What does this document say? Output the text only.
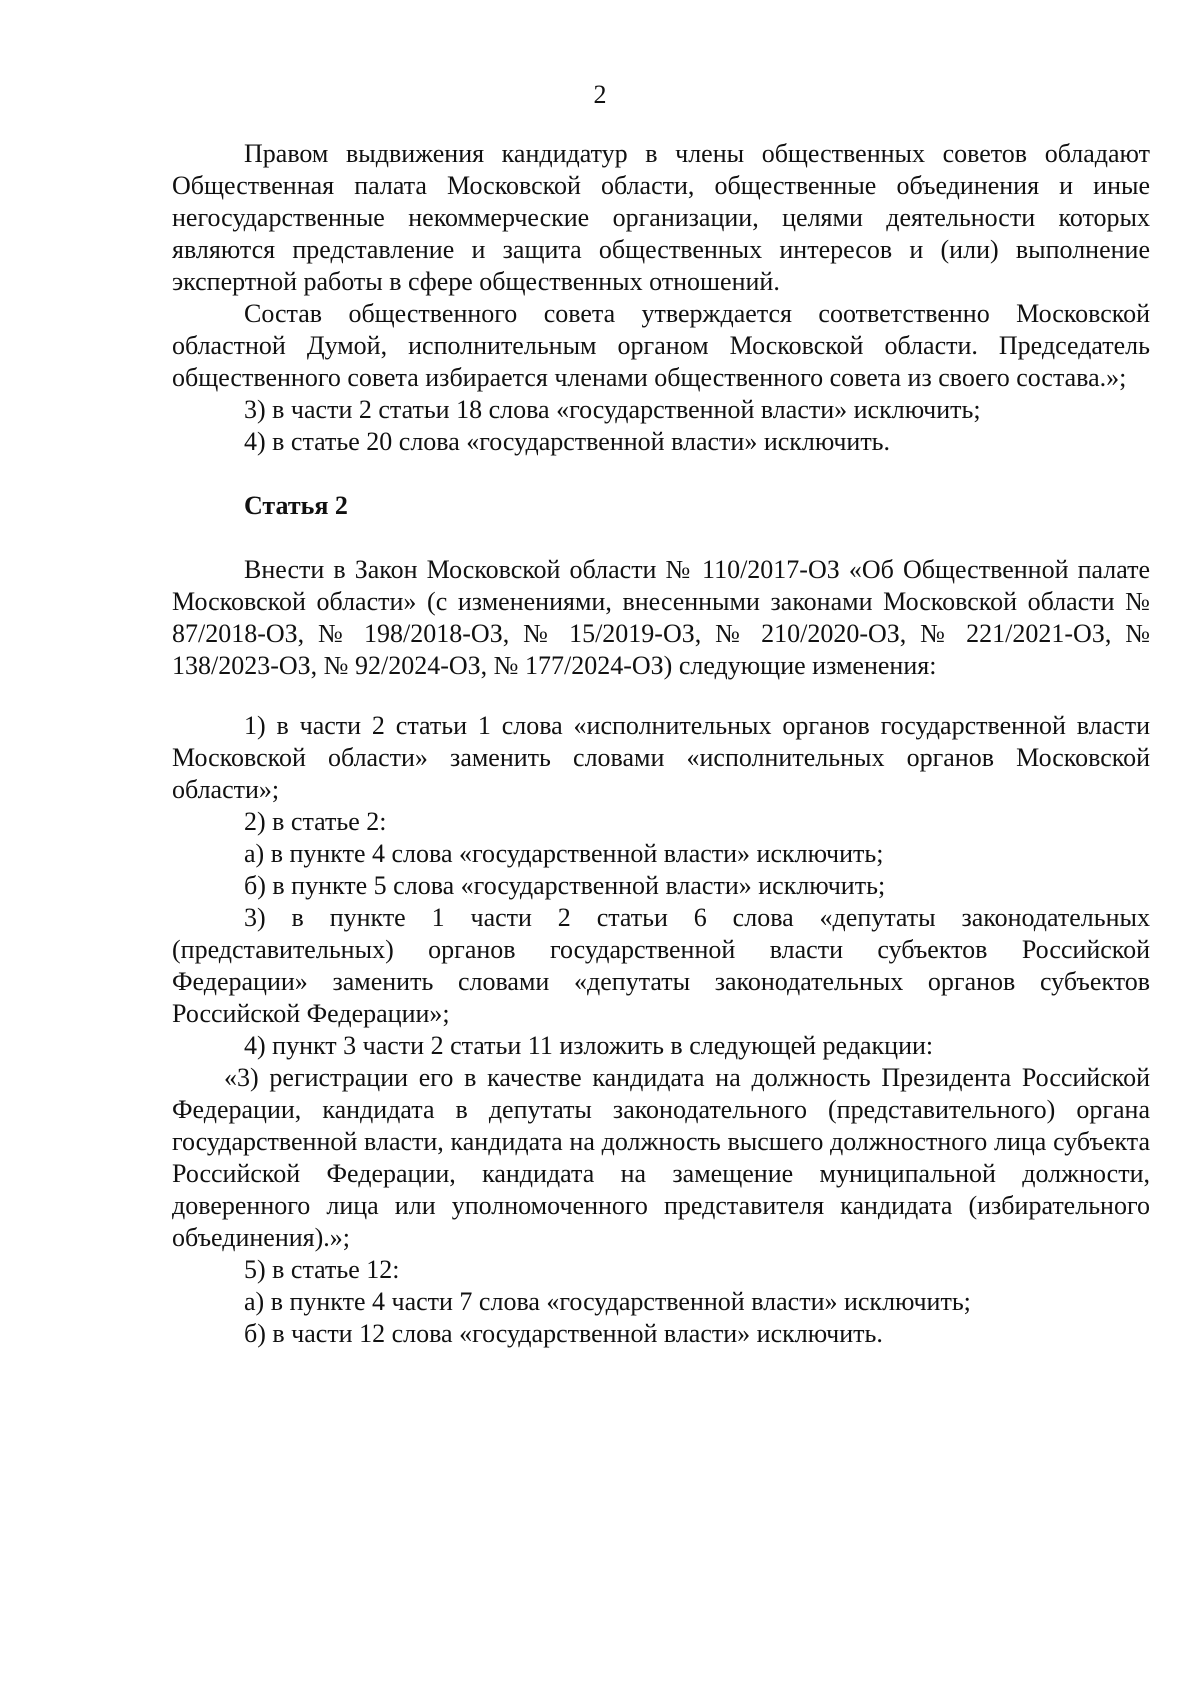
2

Правом выдвижения кандидатур в члены общественных советов обладают Общественная палата Московской области, общественные объединения и иные негосударственные некоммерческие организации, целями деятельности которых являются представление и защита общественных интересов и (или) выполнение экспертной работы в сфере общественных отношений.

Состав общественного совета утверждается соответственно Московской областной Думой, исполнительным органом Московской области. Председатель общественного совета избирается членами общественного совета из своего состава.»;

3) в части 2 статьи 18 слова «государственной власти» исключить;

4) в статье 20 слова «государственной власти» исключить.

Статья 2

Внести в Закон Московской области № 110/2017-ОЗ «Об Общественной палате Московской области» (с изменениями, внесенными законами Московской области № 87/2018-ОЗ, № 198/2018-ОЗ, № 15/2019-ОЗ, № 210/2020-ОЗ, № 221/2021-ОЗ, № 138/2023-ОЗ, № 92/2024-ОЗ, № 177/2024-ОЗ) следующие изменения:

1) в части 2 статьи 1 слова «исполнительных органов государственной власти Московской области» заменить словами «исполнительных органов Московской области»;

2) в статье 2:

а) в пункте 4 слова «государственной власти» исключить;

б) в пункте 5 слова «государственной власти» исключить;

3) в пункте 1 части 2 статьи 6 слова «депутаты законодательных (представительных) органов государственной власти субъектов Российской Федерации» заменить словами «депутаты законодательных органов субъектов Российской Федерации»;

4) пункт 3 части 2 статьи 11 изложить в следующей редакции:

«3) регистрации его в качестве кандидата на должность Президента Российской Федерации, кандидата в депутаты законодательного (представительного) органа государственной власти, кандидата на должность высшего должностного лица субъекта Российской Федерации, кандидата на замещение муниципальной должности, доверенного лица или уполномоченного представителя кандидата (избирательного объединения).»;

5) в статье 12:

а) в пункте 4 части 7 слова «государственной власти» исключить;

б) в части 12 слова «государственной власти» исключить.
